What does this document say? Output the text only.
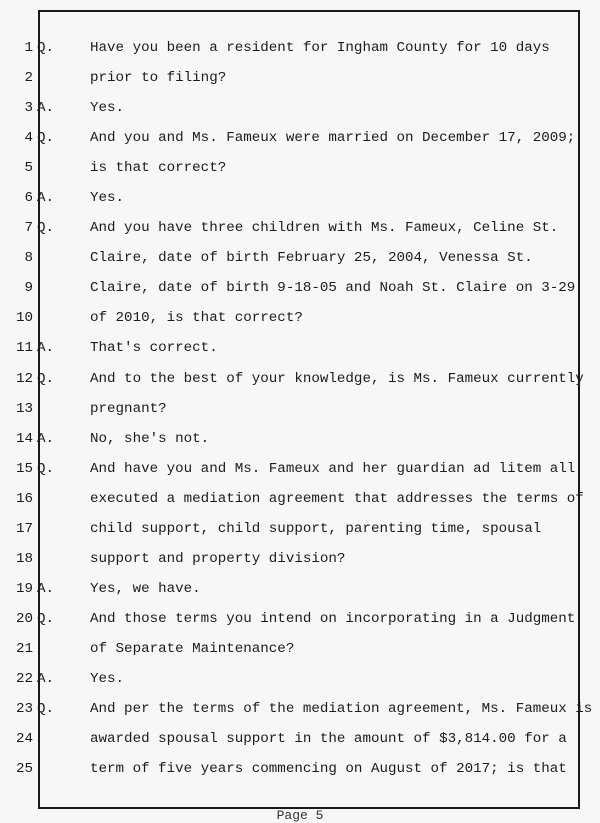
1 Q.	Have you been a resident for Ingham County for 10 days
2	prior to filing?
3 A.	Yes.
4 Q.	And you and Ms. Fameux were married on December 17, 2009;
5	is that correct?
6 A.	Yes.
7 Q.	And you have three children with Ms. Fameux, Celine St.
8	Claire, date of birth February 25, 2004, Venessa St.
9	Claire, date of birth 9-18-05 and Noah St. Claire on 3-29
10	of 2010, is that correct?
11 A.	That's correct.
12 Q.	And to the best of your knowledge, is Ms. Fameux currently
13	pregnant?
14 A.	No, she's not.
15 Q.	And have you and Ms. Fameux and her guardian ad litem all
16	executed a mediation agreement that addresses the terms of
17	child support, child support, parenting time, spousal
18	support and property division?
19 A.	Yes, we have.
20 Q.	And those terms you intend on incorporating in a Judgment
21	of Separate Maintenance?
22 A.	Yes.
23 Q.	And per the terms of the mediation agreement, Ms. Fameux is
24	awarded spousal support in the amount of $3,814.00 for a
25	term of five years commencing on August of 2017; is that
Page 5
